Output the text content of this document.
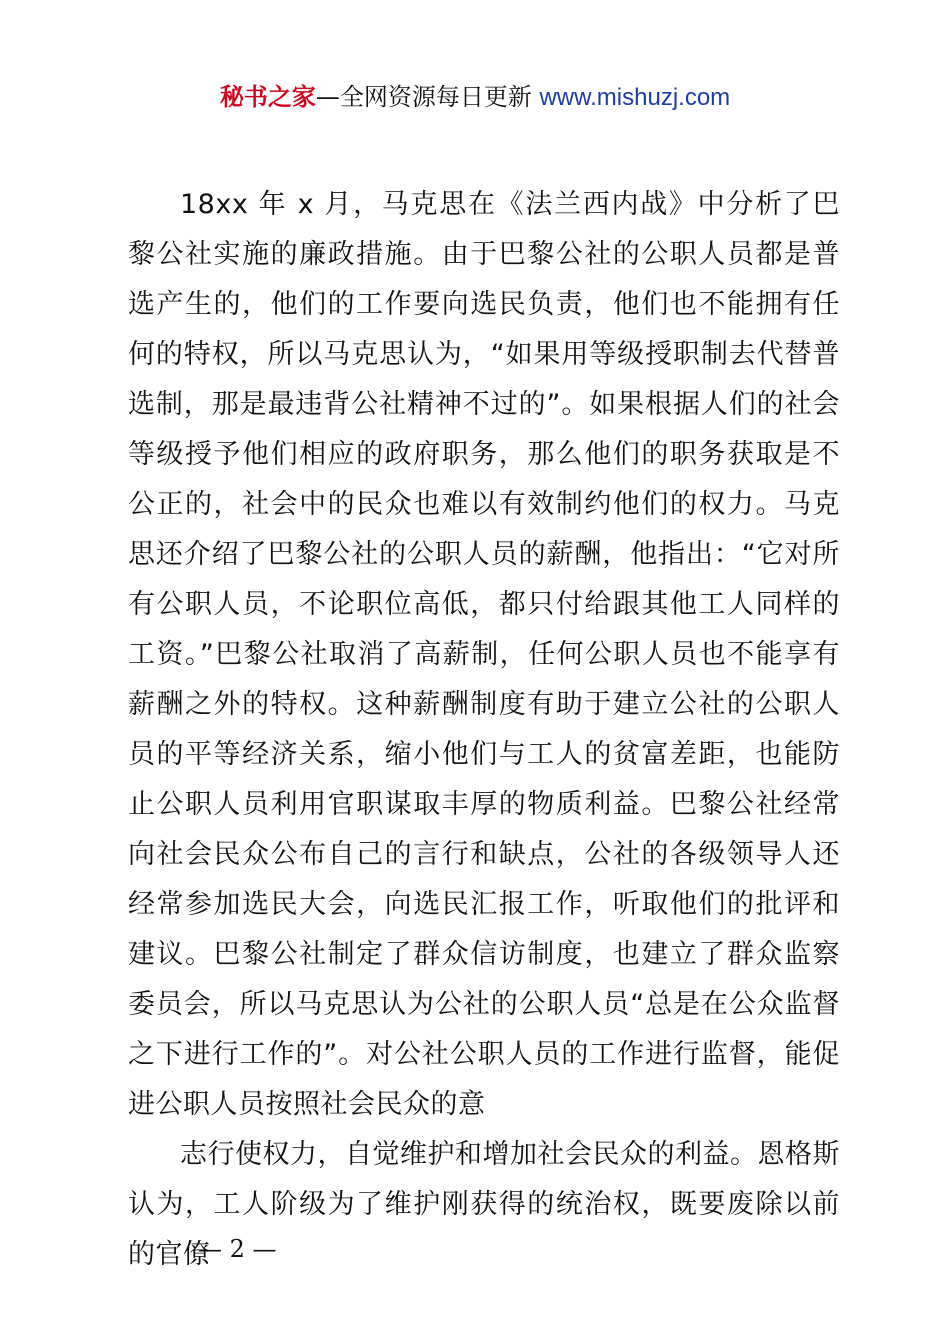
秘书之家—全网资源每日更新 www.mishuzj.com

18xx 年 x 月，马克思在《法兰西内战》中分析了巴黎公社实施的廉政措施。由于巴黎公社的公职人员都是普选产生的，他们的工作要向选民负责，他们也不能拥有任何的特权，所以马克思认为，“如果用等级授职制去代替普选制，那是最违背公社精神不过的”。如果根据人们的社会等级授予他们相应的政府职务，那么他们的职务获取是不公正的，社会中的民众也难以有效制约他们的权力。马克思还介绍了巴黎公社的公职人员的薪酬，他指出：“它对所有公职人员，不论职位高低，都只付给跟其他工人同样的工资。”巴黎公社取消了高薪制，任何公职人员也不能享有薪酬之外的特权。这种薪酬制度有助于建立公社的公职人员的平等经济关系，缩小他们与工人的贫富差距，也能防止公职人员利用官职谋取丰厚的物质利益。巴黎公社经常向社会民众公布自己的言行和缺点，公社的各级领导人还经常参加选民大会，向选民汇报工作，听取他们的批评和建议。巴黎公社制定了群众信访制度，也建立了群众监察委员会，所以马克思认为公社的公职人员“总是在公众监督之下进行工作的”。对公社公职人员的工作进行监督，能促进公职人员按照社会民众的意

志行使权力，自觉维护和增加社会民众的利益。恩格斯认为，工人阶级为了维护刚获得的统治权，既要废除以前的官僚

— 2 —
